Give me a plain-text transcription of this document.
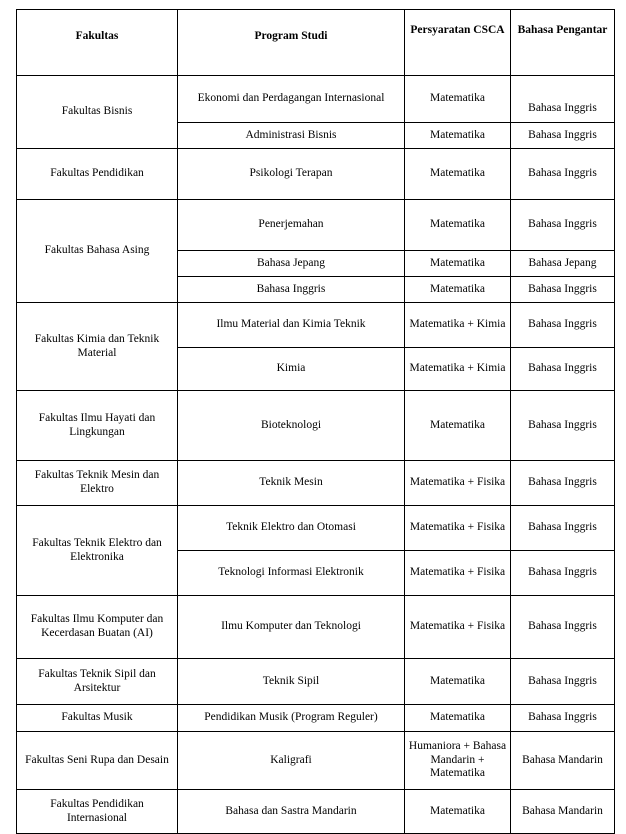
Fakultas	Program Studi	Persyaratan CSCA	Bahasa Pengantar
Fakultas Bisnis	Ekonomi dan Perdagangan Internasional	Matematika	Bahasa Inggris
	Administrasi Bisnis	Matematika	Bahasa Inggris
Fakultas Pendidikan	Psikologi Terapan	Matematika	Bahasa Inggris
Fakultas Bahasa Asing	Penerjemahan	Matematika	Bahasa Inggris
	Bahasa Jepang	Matematika	Bahasa Jepang
	Bahasa Inggris	Matematika	Bahasa Inggris
Fakultas Kimia dan Teknik Material	Ilmu Material dan Kimia Teknik	Matematika + Kimia	Bahasa Inggris
	Kimia	Matematika + Kimia	Bahasa Inggris
Fakultas Ilmu Hayati dan Lingkungan	Bioteknologi	Matematika	Bahasa Inggris
Fakultas Teknik Mesin dan Elektro	Teknik Mesin	Matematika + Fisika	Bahasa Inggris
Fakultas Teknik Elektro dan Elektronika	Teknik Elektro dan Otomasi	Matematika + Fisika	Bahasa Inggris
	Teknologi Informasi Elektronik	Matematika + Fisika	Bahasa Inggris
Fakultas Ilmu Komputer dan Kecerdasan Buatan (AI)	Ilmu Komputer dan Teknologi	Matematika + Fisika	Bahasa Inggris
Fakultas Teknik Sipil dan Arsitektur	Teknik Sipil	Matematika	Bahasa Inggris
Fakultas Musik	Pendidikan Musik (Program Reguler)	Matematika	Bahasa Inggris
Fakultas Seni Rupa dan Desain	Kaligrafi	Humaniora + Bahasa Mandarin + Matematika	Bahasa Mandarin
Fakultas Pendidikan Internasional	Bahasa dan Sastra Mandarin	Matematika	Bahasa Mandarin
